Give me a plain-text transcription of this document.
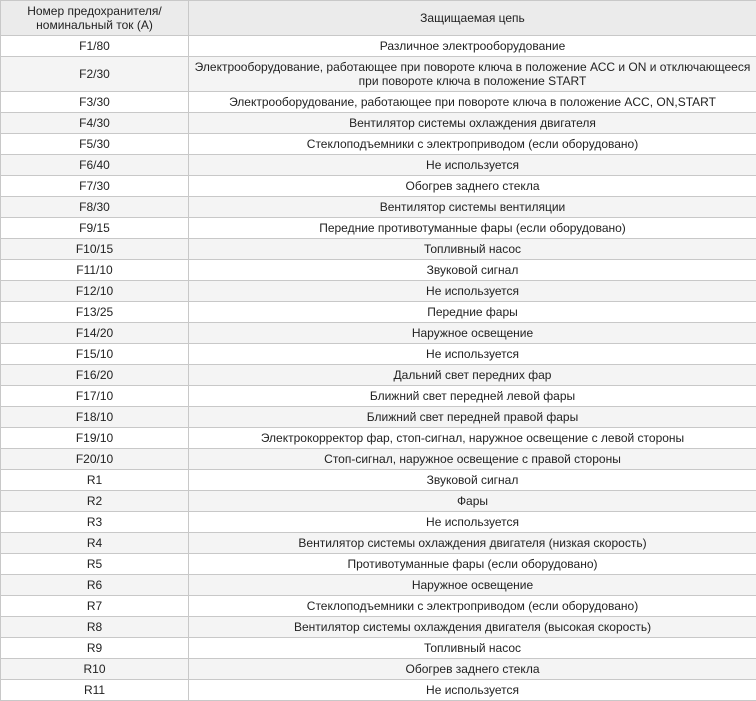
Номер предохранителя/ номинальный ток (А)	Защищаемая цепь
F1/80	Различное электрооборудование
F2/30	Электрооборудование, работающее при повороте ключа в положение АСС и ON и отключающееся при повороте ключа в положение START
F3/30	Электрооборудование, работающее при повороте ключа в положение ACC, ON,START
F4/30	Вентилятор системы охлаждения двигателя
F5/30	Стеклоподъемники с электроприводом (если оборудовано)
F6/40	Не используется
F7/30	Обогрев заднего стекла
F8/30	Вентилятор системы вентиляции
F9/15	Передние противотуманные фары (если оборудовано)
F10/15	Топливный насос
F11/10	Звуковой сигнал
F12/10	Не используется
F13/25	Передние фары
F14/20	Наружное освещение
F15/10	Не используется
F16/20	Дальний свет передних фар
F17/10	Ближний свет передней левой фары
F18/10	Ближний свет передней правой фары
F19/10	Электрокорректор фар, стоп-сигнал, наружное освещение с левой стороны
F20/10	Стоп-сигнал, наружное освещение с правой стороны
R1	Звуковой сигнал
R2	Фары
R3	Не используется
R4	Вентилятор системы охлаждения двигателя (низкая скорость)
R5	Противотуманные фары (если оборудовано)
R6	Наружное освещение
R7	Стеклоподъемники с электроприводом (если оборудовано)
R8	Вентилятор системы охлаждения двигателя (высокая скорость)
R9	Топливный насос
R10	Обогрев заднего стекла
R11	Не используется
